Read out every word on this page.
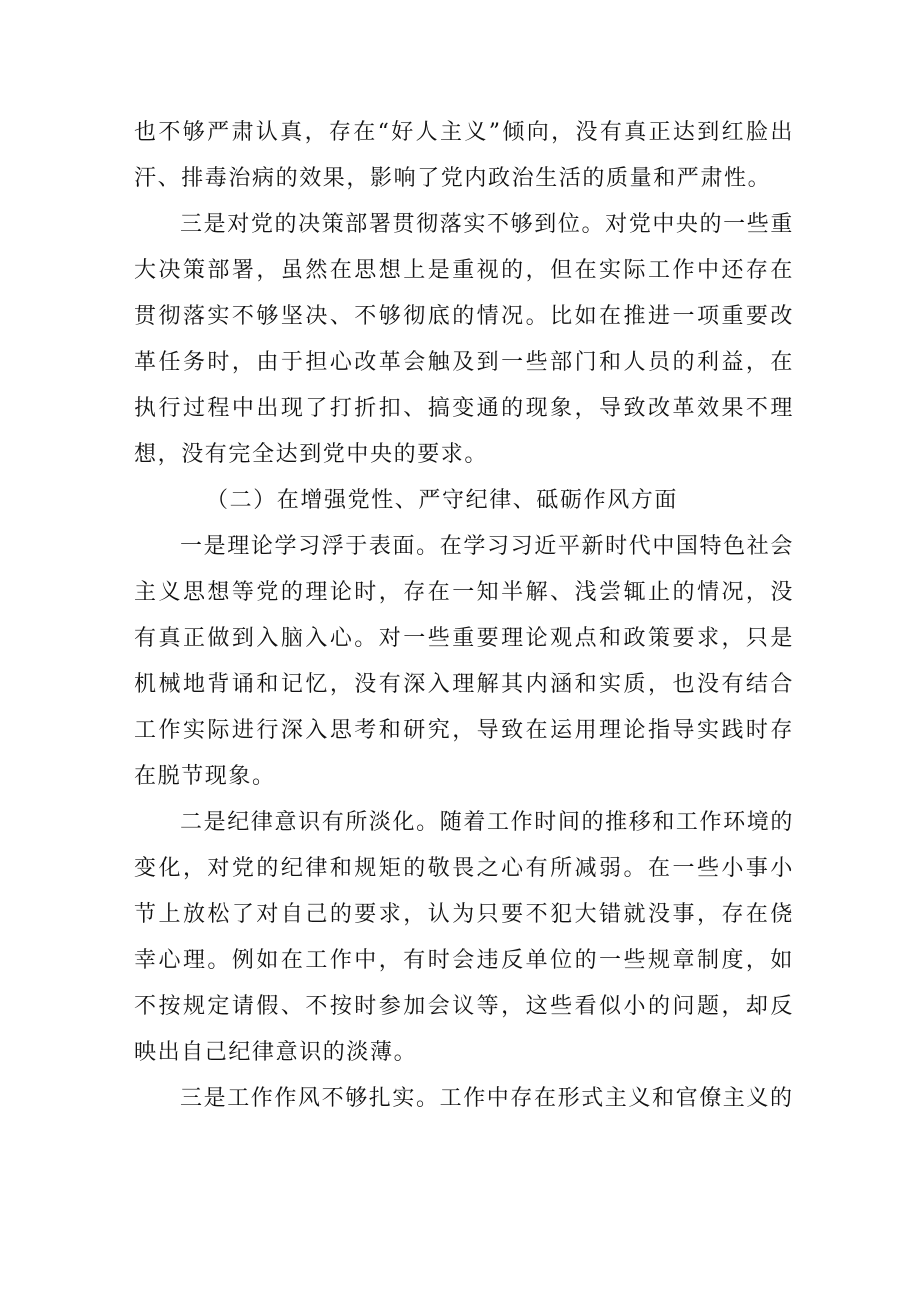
也不够严肃认真，存在“好人主义”倾向，没有真正达到红脸出汗、排毒治病的效果，影响了党内政治生活的质量和严肃性。

三是对党的决策部署贯彻落实不够到位。对党中央的一些重大决策部署，虽然在思想上是重视的，但在实际工作中还存在贯彻落实不够坚决、不够彻底的情况。比如在推进一项重要改革任务时，由于担心改革会触及到一些部门和人员的利益，在执行过程中出现了打折扣、搞变通的现象，导致改革效果不理想，没有完全达到党中央的要求。

（二）在增强党性、严守纪律、砥砺作风方面

一是理论学习浮于表面。在学习习近平新时代中国特色社会主义思想等党的理论时，存在一知半解、浅尝辄止的情况，没有真正做到入脑入心。对一些重要理论观点和政策要求，只是机械地背诵和记忆，没有深入理解其内涵和实质，也没有结合工作实际进行深入思考和研究，导致在运用理论指导实践时存在脱节现象。

二是纪律意识有所淡化。随着工作时间的推移和工作环境的变化，对党的纪律和规矩的敬畏之心有所减弱。在一些小事小节上放松了对自己的要求，认为只要不犯大错就没事，存在侥幸心理。例如在工作中，有时会违反单位的一些规章制度，如不按规定请假、不按时参加会议等，这些看似小的问题，却反映出自己纪律意识的淡薄。

三是工作作风不够扎实。工作中存在形式主义和官僚主义的
